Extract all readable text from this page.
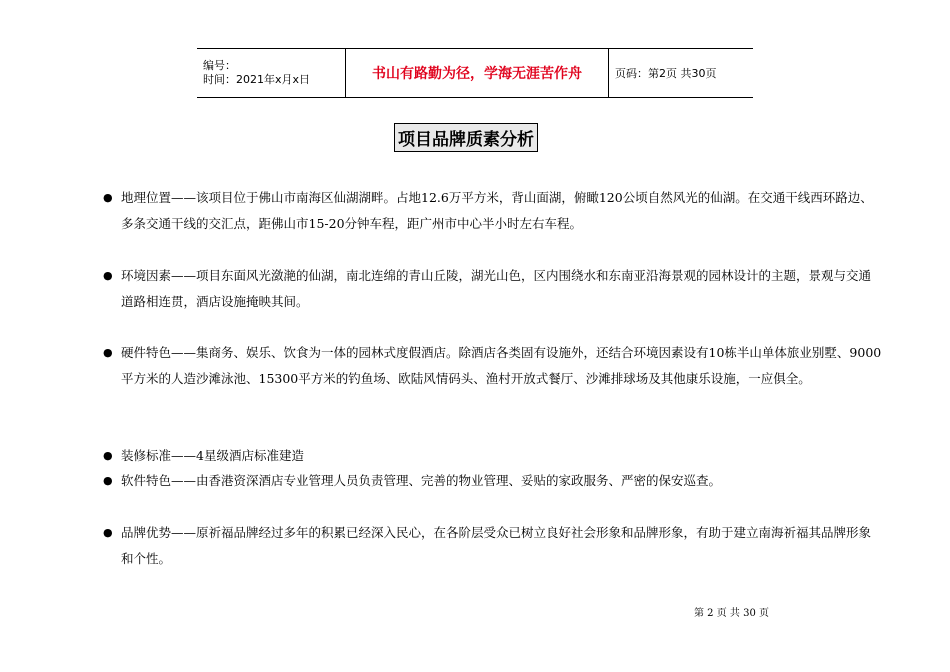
编号：
时间：2021年x月x日	书山有路勤为径，学海无涯苦作舟	页码：第2页 共30页
项目品牌质素分析
● 地理位置——该项目位于佛山市南海区仙湖湖畔。占地12.6万平方米，背山面湖，俯瞰120公顷自然风光的仙湖。在交通干线西环路边、多条交通干线的交汇点，距佛山市15-20分钟车程，距广州市中心半小时左右车程。
● 环境因素——项目东面风光潋滟的仙湖，南北连绵的青山丘陵，湖光山色，区内围绕水和东南亚沿海景观的园林设计的主题，景观与交通道路相连贯，酒店设施掩映其间。
● 硬件特色——集商务、娱乐、饮食为一体的园林式度假酒店。除酒店各类固有设施外，还结合环境因素设有10栋半山单体旅业别墅、9000平方米的人造沙滩泳池、15300平方米的钓鱼场、欧陆风情码头、渔村开放式餐厅、沙滩排球场及其他康乐设施，一应俱全。
● 装修标准——4星级酒店标准建造
● 软件特色——由香港资深酒店专业管理人员负责管理、完善的物业管理、妥贴的家政服务、严密的保安巡查。
● 品牌优势——原祈福品牌经过多年的积累已经深入民心，在各阶层受众已树立良好社会形象和品牌形象，有助于建立南海祈福其品牌形象和个性。
第 2 页 共 30 页
